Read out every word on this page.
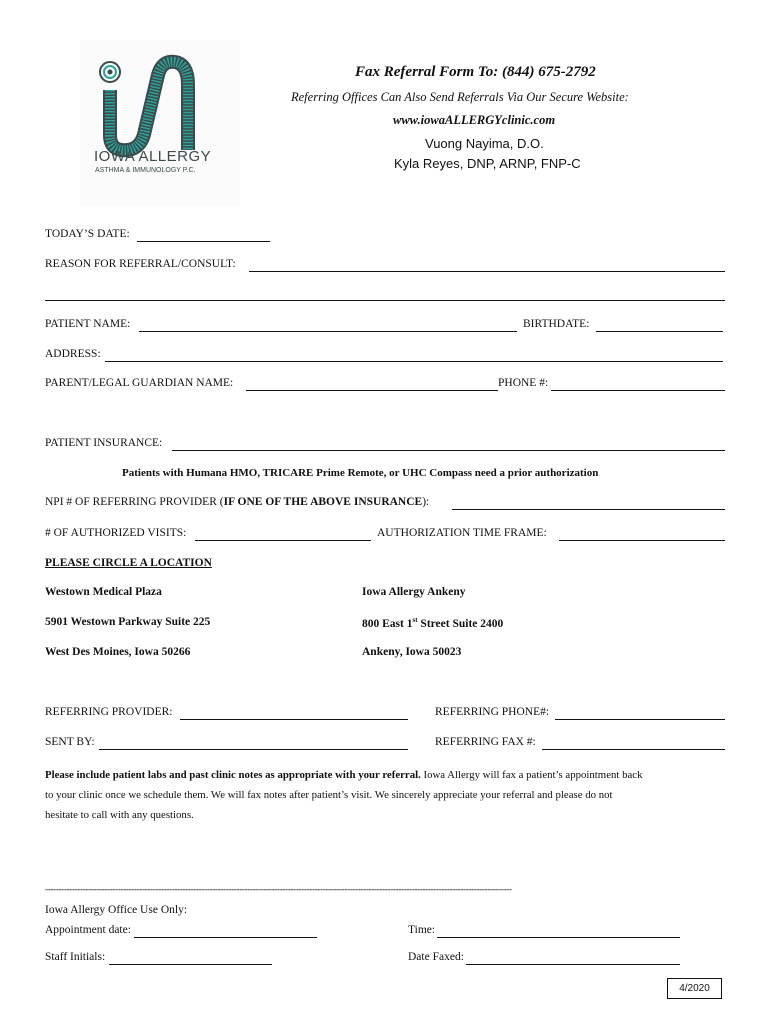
IOWA ALLERGY
ASTHMA & IMMUNOLOGY P.C.
Fax Referral Form To: (844) 675-2792
Referring Offices Can Also Send Referrals Via Our Secure Website:
www.iowaALLERGYclinic.com
Vuong Nayima, D.O.
Kyla Reyes, DNP, ARNP, FNP-C
TODAY’S DATE:
REASON FOR REFERRAL/CONSULT:
PATIENT NAME:	BIRTHDATE:
ADDRESS:
PARENT/LEGAL GUARDIAN NAME:	PHONE #:
PATIENT INSURANCE:
Patients with Humana HMO, TRICARE Prime Remote, or UHC Compass need a prior authorization
NPI # OF REFERRING PROVIDER (IF ONE OF THE ABOVE INSURANCE):
# OF AUTHORIZED VISITS:	AUTHORIZATION TIME FRAME:
PLEASE CIRCLE A LOCATION
Westown Medical Plaza
5901 Westown Parkway Suite 225
West Des Moines, Iowa 50266
Iowa Allergy Ankeny
800 East 1st Street Suite 2400
Ankeny, Iowa 50023
REFERRING PROVIDER:	REFERRING PHONE#:
SENT BY:	REFERRING FAX #:
Please include patient labs and past clinic notes as appropriate with your referral. Iowa Allergy will fax a patient’s appointment back
to your clinic once we schedule them. We will fax notes after patient’s visit. We sincerely appreciate your referral and please do not
hesitate to call with any questions.
-----------------------------------------------------------------------------------------------------------------------------------------------------------------------------
Iowa Allergy Office Use Only:
Appointment date:	Time:
Staff Initials:	Date Faxed:
4/2020
